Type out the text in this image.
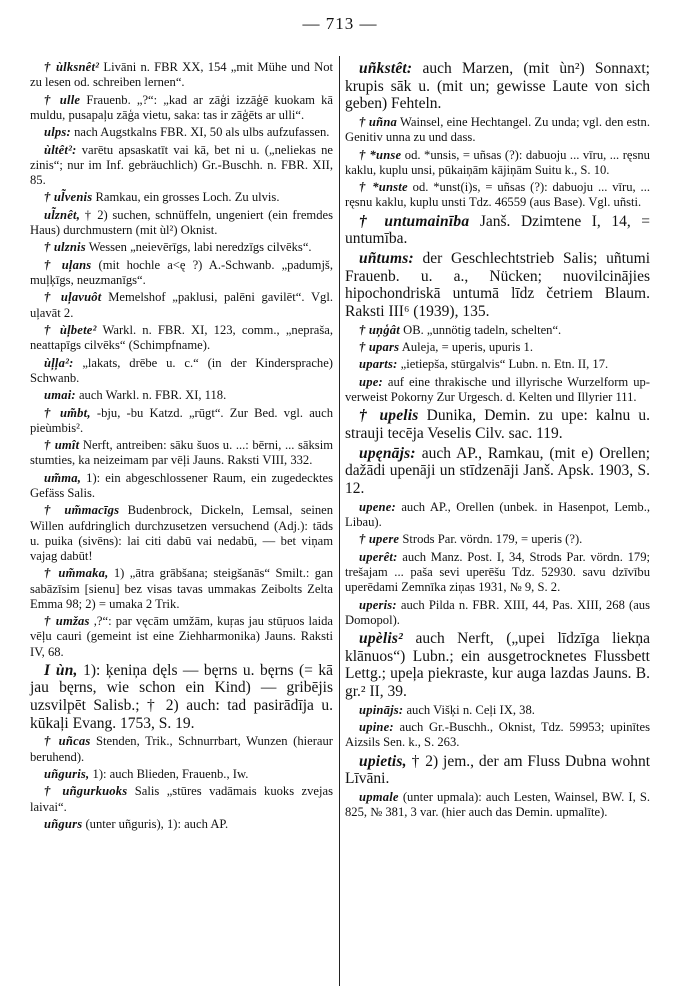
— 713 —

† ùlksnêt² Livāni n. FBR XX, 154 „mit Mühe und Not zu lesen od. schreiben lernen“.

† ulle Frauenb. „?“: „kad ar zāģi izzāģē kuokam kā muldu, pusapaļu zāģa vietu, saka: tas ir zāģēts ar ulli“.

ulps: nach Augstkalns FBR. XI, 50 als ulbs aufzufassen.

ùltêt²: varētu apsaskatīt vai kā, bet ni u. („neliekas ne zinis“; nur im Inf. gebräuchlich) Gr.-Buschh. n. FBR. XII, 85.

† ul̃venis Ramkau, ein grosses Loch. Zu ulvis.

ul̃znêt, † 2) suchen, schnüffeln, ungeniert (ein fremdes Haus) durchmustern (mit ùl²) Oknist.

† ulznis Wessen „neievērīgs, labi neredzīgs cilvēks“.

† uļans (mit hochle a<ę ?) A.-Schwanb. „padumjš, muļķīgs, neuzmanīgs“.

† uļavuôt Memelshof „paklusi, palēni gavilēt“. Vgl. uļavāt 2.

† ùļbete² Warkl. n. FBR. XI, 123, comm., „nepraša, neattapīgs cilvēks“ (Schimpfname).

ùļļa²: „lakats, drēbe u. c.“ (in der Kindersprache) Schwanb.

umai: auch Warkl. n. FBR. XI, 118.

† um̃bt, -bju, -bu Katzd. „rūgt“. Zur Bed. vgl. auch pieùmbis².

† umît Nerft, antreiben: sāku šuos u. ...: bērni, ... sāksim stumties, ka neizeimam par vēļi Jauns. Raksti VIII, 332.

um̃ma, 1): ein abgeschlossener Raum, ein zugedecktes Gefäss Salis.

† um̃macīgs Budenbrock, Dickeln, Lemsal, seinen Willen aufdringlich durchzusetzen versuchend (Adj.): tāds u. puika (sivēns): lai citi dabū vai nedabū, — bet viņam vajag dabūt!

† um̃maka, 1) „ātra grābšana; steigšanās“ Smilt.: gan sabāzīsim [sienu] bez visas tavas ummakas Zeibolts Zelta Emma 98; 2) = umaka 2 Trik.

† umžas ,?“: par vęcām umžām, kuŗas jau stūŗuos laida vēļu cauri (gemeint ist eine Ziehharmonika) Jauns. Raksti IV, 68.

I ùn, 1): ķeniņa dęls — bęrns u. bęrns (= kā jau bęrns, wie schon ein Kind) — gribējis uzsvilpēt Salisb.; † 2) auch: tad pasirādīja u. kūkaļi Evang. 1753, S. 19.

† uñcas Stenden, Trik., Schnurrbart, Wunzen (hieraur beruhend).

uñguris, 1): auch Blieden, Frauenb., Iw.

† uñgurkuoks Salis „stūres vadāmais kuoks zvejas laivai“.

uñgurs (unter uñguris), 1): auch AP.

uñkstêt: auch Marzen, (mit ùn²) Sonnaxt; krupis sāk u. (mit un; gewisse Laute von sich geben) Fehteln.

† uñna Wainsel, eine Hechtangel. Zu unda; vgl. den estn. Genitiv unna zu und dass.

† *unse od. *unsis, = uñsas (?): dabuoju ... vīru, ... ręsnu kaklu, kuplu unsi, pūkaiņām kājiņām Suitu k., S. 10.

† *unste od. *unst(i)s, = uñsas (?): dabuoju ... vīru, ... ręsnu kaklu, kuplu unsti Tdz. 46559 (aus Base). Vgl. uñsti.

† untumainība Janš. Dzimtene I, 14, = untumība.

uñtums: der Geschlechtstrieb Salis; uñtumi Frauenb. u. a., Nücken; nuovilcinājies hipochondriskā untumā līdz četriem Blaum. Raksti III⁶ (1939), 135.

† uņģât OB. „unnötig tadeln, schelten“.

† upars Auleja, = uperis, upuris 1.

uparts: „ietiepša, stūrgalvis“ Lubn. n. Etn. II, 17.

upe: auf eine thrakische und illyrische Wurzelform up- verweist Pokorny Zur Urgesch. d. Kelten und Illyrier 111.

† upelis Dunika, Demin. zu upe: kalnu u. strauji tecēja Veselis Cilv. sac. 119.

upęnājs: auch AP., Ramkau, (mit e) Orellen; dažādi upenāji un stīdzenāji Janš. Apsk. 1903, S. 12.

upene: auch AP., Orellen (unbek. in Hasenpot, Lemb., Libau).

† upere Strods Par. vördn. 179, = uperis (?).

uperêt: auch Manz. Post. I, 34, Strods Par. vördn. 179; trešajam ... paša sevi uperēšu Tdz. 52930. savu dzīvību uperēdami Zemnīka ziņas 1931, № 9, S. 2.

uperis: auch Pilda n. FBR. XIII, 44, Pas. XIII, 268 (aus Domopol).

upèlis² auch Nerft, („upei līdzīga liekņa klānuos“) Lubn.; ein ausgetrocknetes Flussbett Lettg.; upeļa piekraste, kur auga lazdas Jauns. B. gr.² II, 39.

upinājs: auch Višķi n. Ceļi IX, 38.

upine: auch Gr.-Buschh., Oknist, Tdz. 59953; upinītes Aizsils Sen. k., S. 263.

upietis, † 2) jem., der am Fluss Dubna wohnt Līvāni.

upmale (unter upmala): auch Lesten, Wainsel, BW. I, S. 825, № 381, 3 var. (hier auch das Demin. upmalīte).
